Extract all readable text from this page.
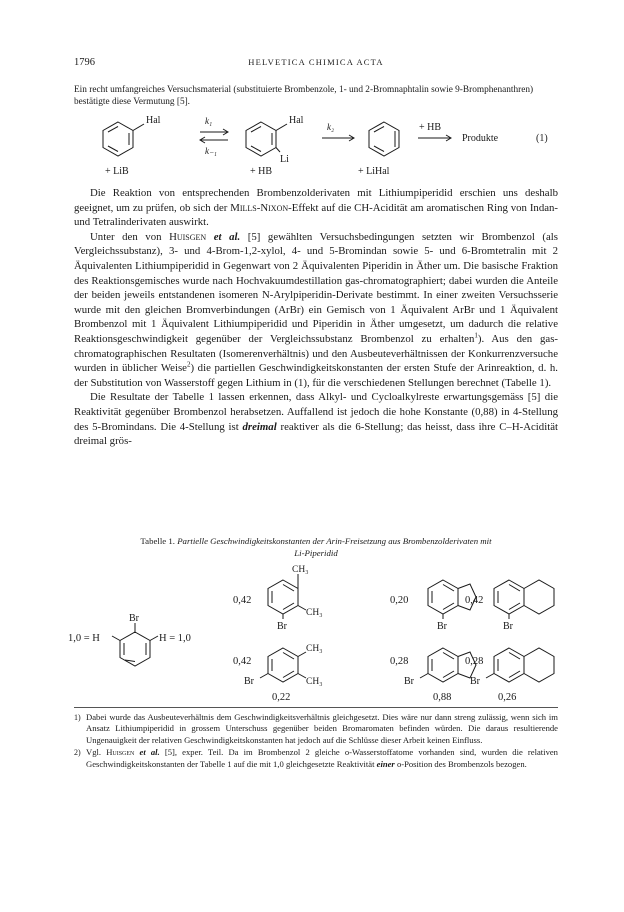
1796	HELVETICA CHIMICA ACTA
Ein recht umfangreiches Versuchsmaterial (substituierte Brombenzole, 1- und 2-Bromnaphtalin sowie 9-Bromphenanthren) bestätigte diese Vermutung [5].
Hal	k₁
k₋₁
Hal
k₂
Li
+ HB
Produkte	(1)
+ LiB	+ HB	+ LiHal

Die Reaktion von entsprechenden Brombenzolderivaten mit Lithiumpiperidid erschien uns deshalb geeignet, um zu prüfen, ob sich der Mills-Nixon-Effekt auf die CH-Acidität am aromatischen Ring von Indan- und Tetralinderivaten auswirkt.

Unter den von Huisgen et al. [5] gewählten Versuchsbedingungen setzten wir Brombenzol (als Vergleichssubstanz), 3- und 4-Brom-1,2-xylol, 4- und 5-Bromindan sowie 5- und 6-Bromtetralin mit 2 Äquivalenten Lithiumpiperidid in Gegenwart von 2 Äquivalenten Piperidin in Äther um. Die basische Fraktion des Reaktionsgemisches wurde nach Hochvakuumdestillation gas-chromatographiert; dabei wurden die Anteile der beiden jeweils entstandenen isomeren N-Arylpiperidin-Derivate bestimmt. In einer zweiten Versuchsserie wurde mit den gleichen Bromverbindungen (ArBr) ein Gemisch von 1 Äquivalent ArBr und 1 Äquivalent Brombenzol mit 1 Äquivalent Lithiumpiperidid und Piperidin in Äther umgesetzt, um dadurch die relative Reaktionsgeschwindigkeit gegenüber der Vergleichssubstanz Brombenzol zu erhalten$^1$). Aus den gas-chromatographischen Resultaten (Isomerenverhältnis) und den Ausbeuteverhältnissen der Konkurrenzversuche wurden in üblicher Weise$^2$) die partiellen Geschwindigkeitskonstanten der ersten Stufe der Arinreaktion, d. h. der Substitution von Wasserstoff gegen Lithium in (1), für die verschiedenen Stellungen berechnet (Tabelle 1).

Die Resultate der Tabelle 1 lassen erkennen, dass Alkyl- und Cycloalkylreste erwartungsgemäss [5] die Reaktivität gegenüber Brombenzol herabsetzen. Auffallend ist jedoch die hohe Konstante (0,88) in 4-Stellung des 5-Bromindans. Die 4-Stellung ist dreimal reaktiver als die 6-Stellung; das heisst, dass ihre C–H-Acidität dreimal grös-

Tabelle 1. Partielle Geschwindigkeitskonstanten der Arin-Freisetzung aus Brombenzolderivaten mit
Li-Piperidid
Br
1,0 = H	H = 1,0
CH₃
CH₃
Br
0,42
Br
0,20
Br
0,42
CH₃
CH₃
Br
0,42
0,22
Br
0,28
0,88
Br
0,28
0,26
1) Dabei wurde das Ausbeuteverhältnis dem Geschwindigkeitsverhältnis gleichgesetzt. Dies wäre nur dann streng zulässig, wenn sich im Ansatz Lithiumpiperidid in grossem Unterschuss gegenüber beiden Bromaromaten befinden würden. Die daraus resultierende Ungenauigkeit der relativen Geschwindigkeitskonstanten hat jedoch auf die Schlüsse dieser Arbeit keinen Einfluss.
2) Vgl. Huisgen et al. [5], exper. Teil. Da im Brombenzol 2 gleiche o-Wasserstoffatome vorhanden sind, wurden die relativen Geschwindigkeitskonstanten der Tabelle 1 auf die mit 1,0 gleichgesetzte Reaktivität einer o-Position des Brombenzols bezogen.
